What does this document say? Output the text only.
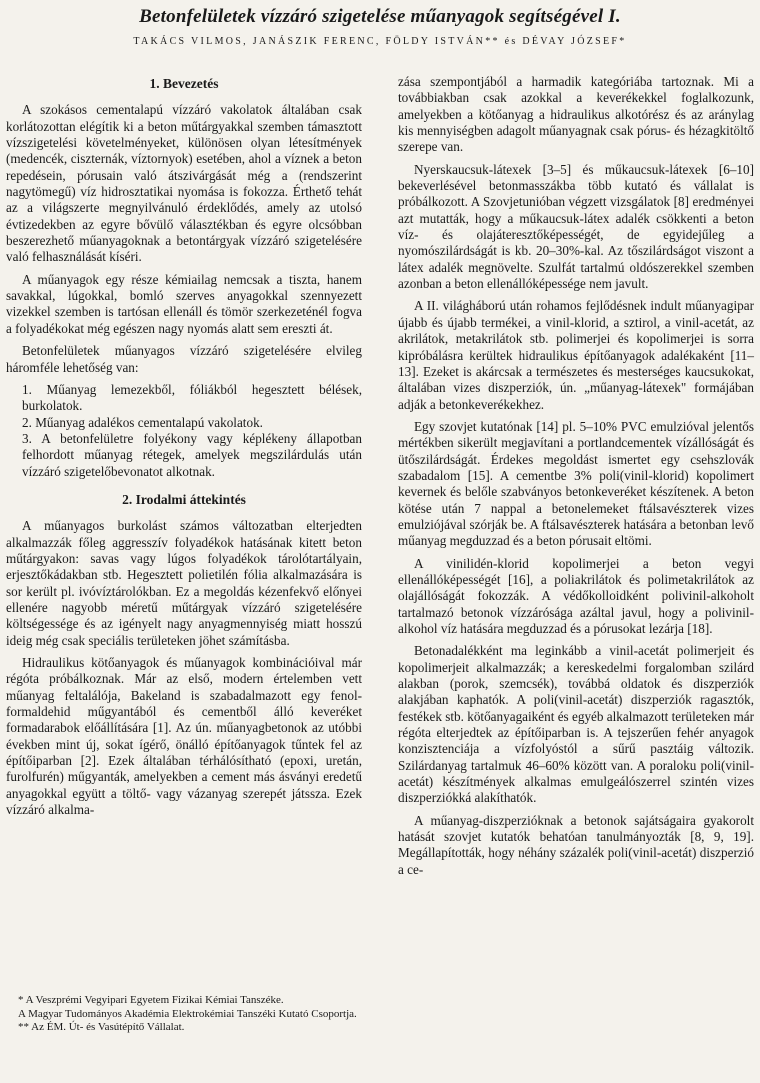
Betonfelületek vízzáró szigetelése műanyagok segítségével I.
TAKÁCS VILMOS, JANÁSZIK FERENC, FÖLDY ISTVÁN** és DÉVAY JÓZSEF*
1. Bevezetés

A szokásos cementalapú vízzáró vakolatok általában csak korlátozottan elégítik ki a beton műtárgyakkal szemben támasztott vízszigetelési követelményeket, különösen olyan létesítmények (medencék, ciszternák, víztornyok) esetében, ahol a víznek a beton repedésein, pórusain való átszivárgását még a (rendszerint nagytömegű) víz hidrosztatikai nyomása is fokozza. Érthető tehát az a világszerte megnyilvánuló érdeklődés, amely az utolsó évtizedekben az egyre bővülő választékban és egyre olcsóbban beszerezhető műanyagoknak a betontárgyak vízzáró szigetelésére való felhasználását kíséri.

A műanyagok egy része kémiailag nemcsak a tiszta, hanem savakkal, lúgokkal, bomló szerves anyagokkal szennyezett vizekkel szemben is tartósan ellenáll és tömör szerkezeténél fogva a folyadékokat még egészen nagy nyomás alatt sem ereszti át.

Betonfelületek műanyagos vízzáró szigetelésére elvileg háromféle lehetőség van:

1. Műanyag lemezekből, fóliákból hegesztett bélések, burkolatok.

2. Műanyag adalékos cementalapú vakolatok.

3. A betonfelületre folyékony vagy képlékeny állapotban felhordott műanyag rétegek, amelyek megszilárdulás után vízzáró szigetelőbevonatot alkotnak.

2. Irodalmi áttekintés

A műanyagos burkolást számos változatban elterjedten alkalmazzák főleg aggresszív folyadékok hatásának kitett beton műtárgyakon: savas vagy lúgos folyadékok tárolótartályain, erjesztőkádakban stb. Hegesztett polietilén fólia alkalmazására is sor került pl. ivóvíztárolókban. Ez a megoldás kézenfekvő előnyei ellenére nagyobb méretű műtárgyak vízzáró szigetelésére költségessége és az igényelt nagy anyagmennyiség miatt hosszú ideig még csak speciális területeken jöhet számításba.

Hidraulikus kötőanyagok és műanyagok kombinációival már régóta próbálkoznak. Már az első, modern értelemben vett műanyag feltalálója, Bakeland is szabadalmazott egy fenol-formaldehid műgyantából és cementből álló keveréket formadarabok előállítására [1]. Az ún. műanyagbetonok az utóbbi években mint új, sokat ígérő, önálló építőanyagok tűntek fel az építőiparban [2]. Ezek általában térhálósítható (epoxi, uretán, furolfurén) műgyanták, amelyekben a cement más ásványi eredetű anyagokkal együtt a töltő- vagy vázanyag szerepét játssza. Ezek vízzáró alkalma-

* A Veszprémi Vegyipari Egyetem Fizikai Kémiai Tanszéke.

A Magyar Tudományos Akadémia Elektrokémiai Tanszéki Kutató Csoportja.

** Az ÉM. Út- és Vasútépítő Vállalat.

zása szempontjából a harmadik kategóriába tartoznak. Mi a továbbiakban csak azokkal a keverékekkel foglalkozunk, amelyekben a kötőanyag a hidraulikus alkotórész és az aránylag kis mennyiségben adagolt műanyagnak csak pórus- és hézagkitöltő szerepe van.

Nyerskaucsuk-látexek [3–5] és műkaucsuk-látexek [6–10] bekeverlésével betonmasszákba több kutató és vállalat is próbálkozott. A Szovjetunióban végzett vizsgálatok [8] eredményei azt mutatták, hogy a műkaucsuk-látex adalék csökkenti a beton víz- és olajáteresztőképességét, de egyidejűleg a nyomószilárdságát is kb. 20–30%-kal. Az tőszilárdságot viszont a látex adalék megnövelte. Szulfát tartalmú oldószerekkel szemben azonban a beton ellenállóképessége nem javult.

A II. világháború után rohamos fejlődésnek indult műanyagipar újabb és újabb termékei, a vinil-klorid, a sztirol, a vinil-acetát, az akrilátok, metakrilátok stb. polimerjei és kopolimerjei is sorra kipróbálásra kerültek hidraulikus építőanyagok adalékaként [11–13]. Ezeket is akárcsak a természetes és mesterséges kaucsukokat, általában vizes diszperziók, ún. „műanyag-látexek" formájában adják a betonkeverékekhez.

Egy szovjet kutatónak [14] pl. 5–10% PVC emulzióval jelentős mértékben sikerült megjavítani a portlandcementek vízállóságát és ütőszilárdságát. Érdekes megoldást ismertet egy csehszlovák szabadalom [15]. A cementbe 3% poli(vinil-klorid) kopolimert kevernek és belőle szabványos betonkeveréket készítenek. A beton kötése után 7 nappal a betonelemeket ftálsavészterek vizes emulziójával szórják be. A ftálsavészterek hatására a betonban levő műanyag megduzzad és a beton pórusait eltömi.

A vinilidén-klorid kopolimerjei a beton vegyi ellenállóképességét [16], a poliakrilátok és polimetakrilátok az olajállóságát fokozzák. A védőkolloidként polivinil-alkoholt tartalmazó betonok vízzárósága azáltal javul, hogy a polivinil-alkohol víz hatására megduzzad és a pórusokat lezárja [18].

Betonadalékként ma leginkább a vinil-acetát polimerjeit és kopolimerjeit alkalmazzák; a kereskedelmi forgalomban szilárd alakban (porok, szemcsék), továbbá oldatok és diszperziók alakjában kaphatók. A poli(vinil-acetát) diszperziók ragasztók, festékek stb. kötőanyagaiként és egyéb alkalmazott területeken már régóta elterjedtek az építőiparban is. A tejszerűen fehér anyagok konzisztenciája a vízfolyóstól a sűrű pasztáig változik. Szilárdanyag tartalmuk 46–60% között van. A poraloku poli(vinil-acetát) készítmények alkalmas emulgeálószerrel szintén vizes diszperziókká alakíthatók.

A műanyag-diszperzióknak a betonok sajátságaira gyakorolt hatását szovjet kutatók behatóan tanulmányozták [8, 9, 19]. Megállapították, hogy néhány százalék poli(vinil-acetát) diszperzió a ce-
